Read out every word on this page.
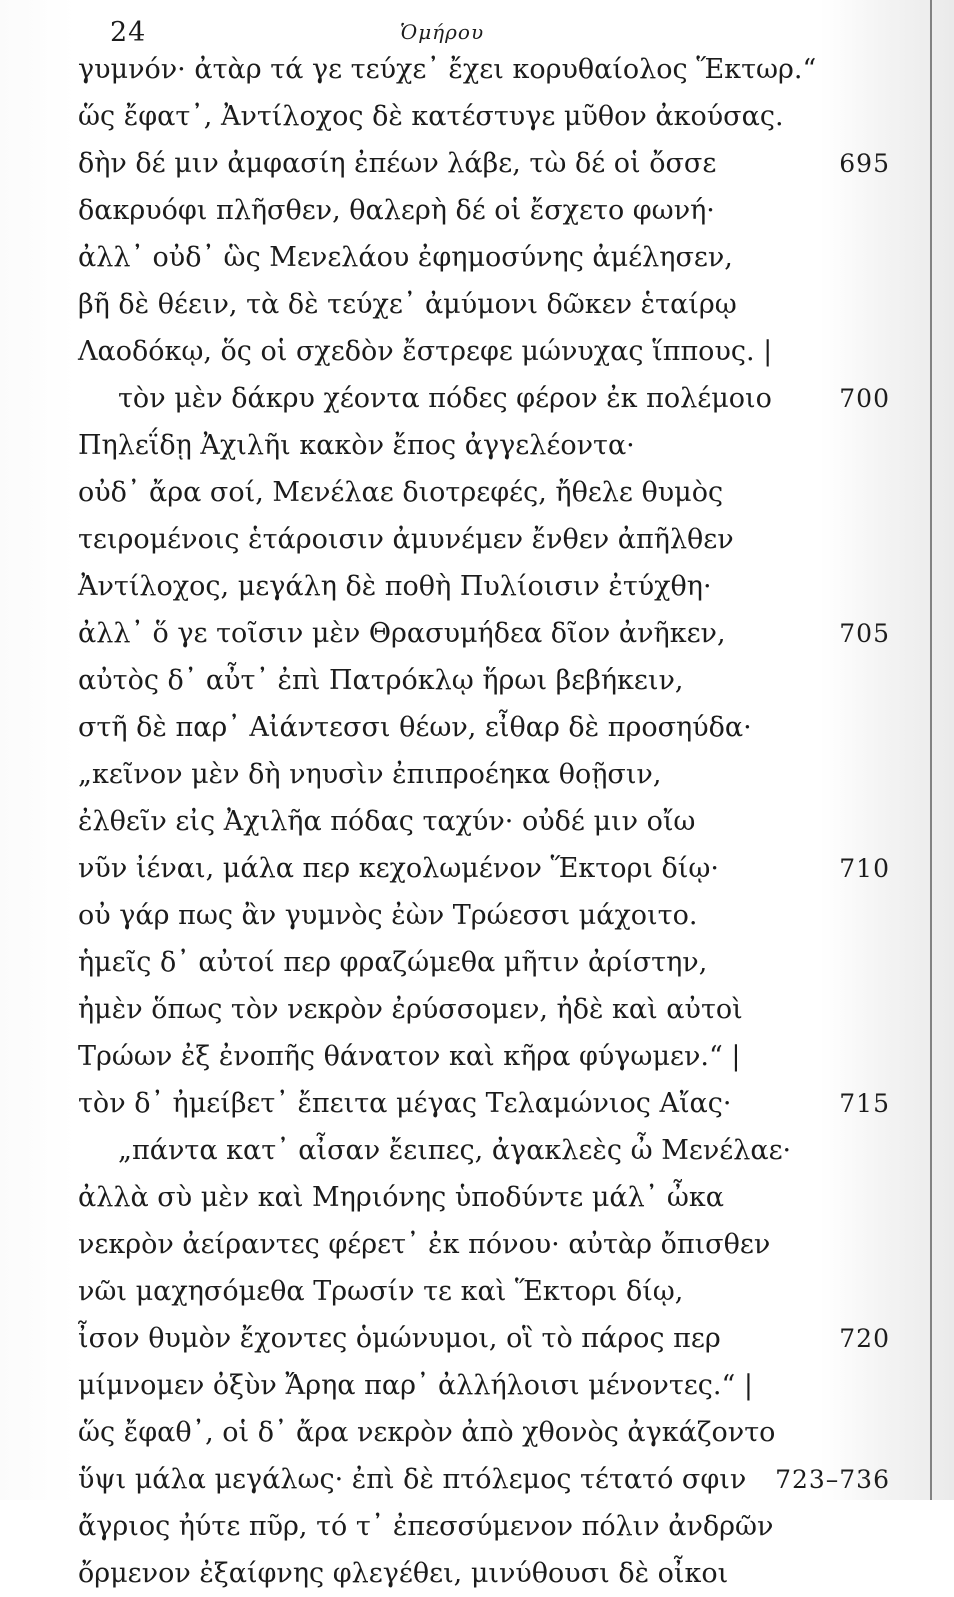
24	Ὁμήρου
γυμνόν· ἀτὰρ τά γε τεύχε᾽ ἔχει κορυθαίολος Ἕκτωρ.“
ὥς ἔφατ᾽, Ἀντίλοχος δὲ κατέστυγε μῦθον ἀκούσας.
δὴν δέ μιν ἀμφασίη ἐπέων λάβε, τὼ δέ οἱ ὄσσε	695
δακρυόφι πλῆσθεν, θαλερὴ δέ οἱ ἔσχετο φωνή·
ἀλλ᾽ οὐδ᾽ ὣς Μενελάου ἐφημοσύνης ἀμέλησεν,
βῆ δὲ θέειν, τὰ δὲ τεύχε᾽ ἀμύμονι δῶκεν ἑταίρῳ
Λαοδόκῳ, ὅς οἱ σχεδὸν ἔστρεφε μώνυχας ἵππους. |
τὸν μὲν δάκρυ χέοντα πόδες φέρον ἐκ πολέμοιο	700
Πηλεΐδῃ Ἀχιλῆι κακὸν ἔπος ἀγγελέοντα·
οὐδ᾽ ἄρα σοί, Μενέλαε διοτρεφές, ἤθελε θυμὸς
τειρομένοις ἑτάροισιν ἀμυνέμεν ἔνθεν ἀπῆλθεν
Ἀντίλοχος, μεγάλη δὲ ποθὴ Πυλίοισιν ἐτύχθη·
ἀλλ᾽ ὅ γε τοῖσιν μὲν Θρασυμήδεα δῖον ἀνῆκεν,	705
αὐτὸς δ᾽ αὖτ᾽ ἐπὶ Πατρόκλῳ ἥρωι βεβήκειν,
στῆ δὲ παρ᾽ Αἰάντεσσι θέων, εἶθαρ δὲ προσηύδα·
„κεῖνον μὲν δὴ νηυσὶν ἐπιπροέηκα θοῇσιν,
ἐλθεῖν εἰς Ἀχιλῆα πόδας ταχύν· οὐδέ μιν οἴω
νῦν ἰέναι, μάλα περ κεχολωμένον Ἕκτορι δίῳ·	710
οὐ γάρ πως ἂν γυμνὸς ἐὼν Τρώεσσι μάχοιτο.
ἡμεῖς δ᾽ αὐτοί περ φραζώμεθα μῆτιν ἀρίστην,
ἠμὲν ὅπως τὸν νεκρὸν ἐρύσσομεν, ἠδὲ καὶ αὐτοὶ
Τρώων ἐξ ἐνοπῆς θάνατον καὶ κῆρα φύγωμεν.“ |
τὸν δ᾽ ἠμείβετ᾽ ἔπειτα μέγας Τελαμώνιος Αἴας·	715
„πάντα κατ᾽ αἶσαν ἔειπες, ἀγακλεὲς ὦ Μενέλαε·
ἀλλὰ σὺ μὲν καὶ Μηριόνης ὑποδύντε μάλ᾽ ὦκα
νεκρὸν ἀείραντες φέρετ᾽ ἐκ πόνου· αὐτὰρ ὄπισθεν
νῶι μαχησόμεθα Τρωσίν τε καὶ Ἕκτορι δίῳ,
ἶσον θυμὸν ἔχοντες ὁμώνυμοι, οἳ τὸ πάρος περ	720
μίμνομεν ὀξὺν Ἄρηα παρ᾽ ἀλλήλοισι μένοντες.“ |
ὥς ἔφαθ᾽, οἱ δ᾽ ἄρα νεκρὸν ἀπὸ χθονὸς ἀγκάζοντο
ὕψι μάλα μεγάλως· ἐπὶ δὲ πτόλεμος τέτατό σφιν 723–736
ἄγριος ἠύτε πῦρ, τό τ᾽ ἐπεσσύμενον πόλιν ἀνδρῶν
ὄρμενον ἐξαίφνης φλεγέθει, μινύθουσι δὲ οἶκοι
